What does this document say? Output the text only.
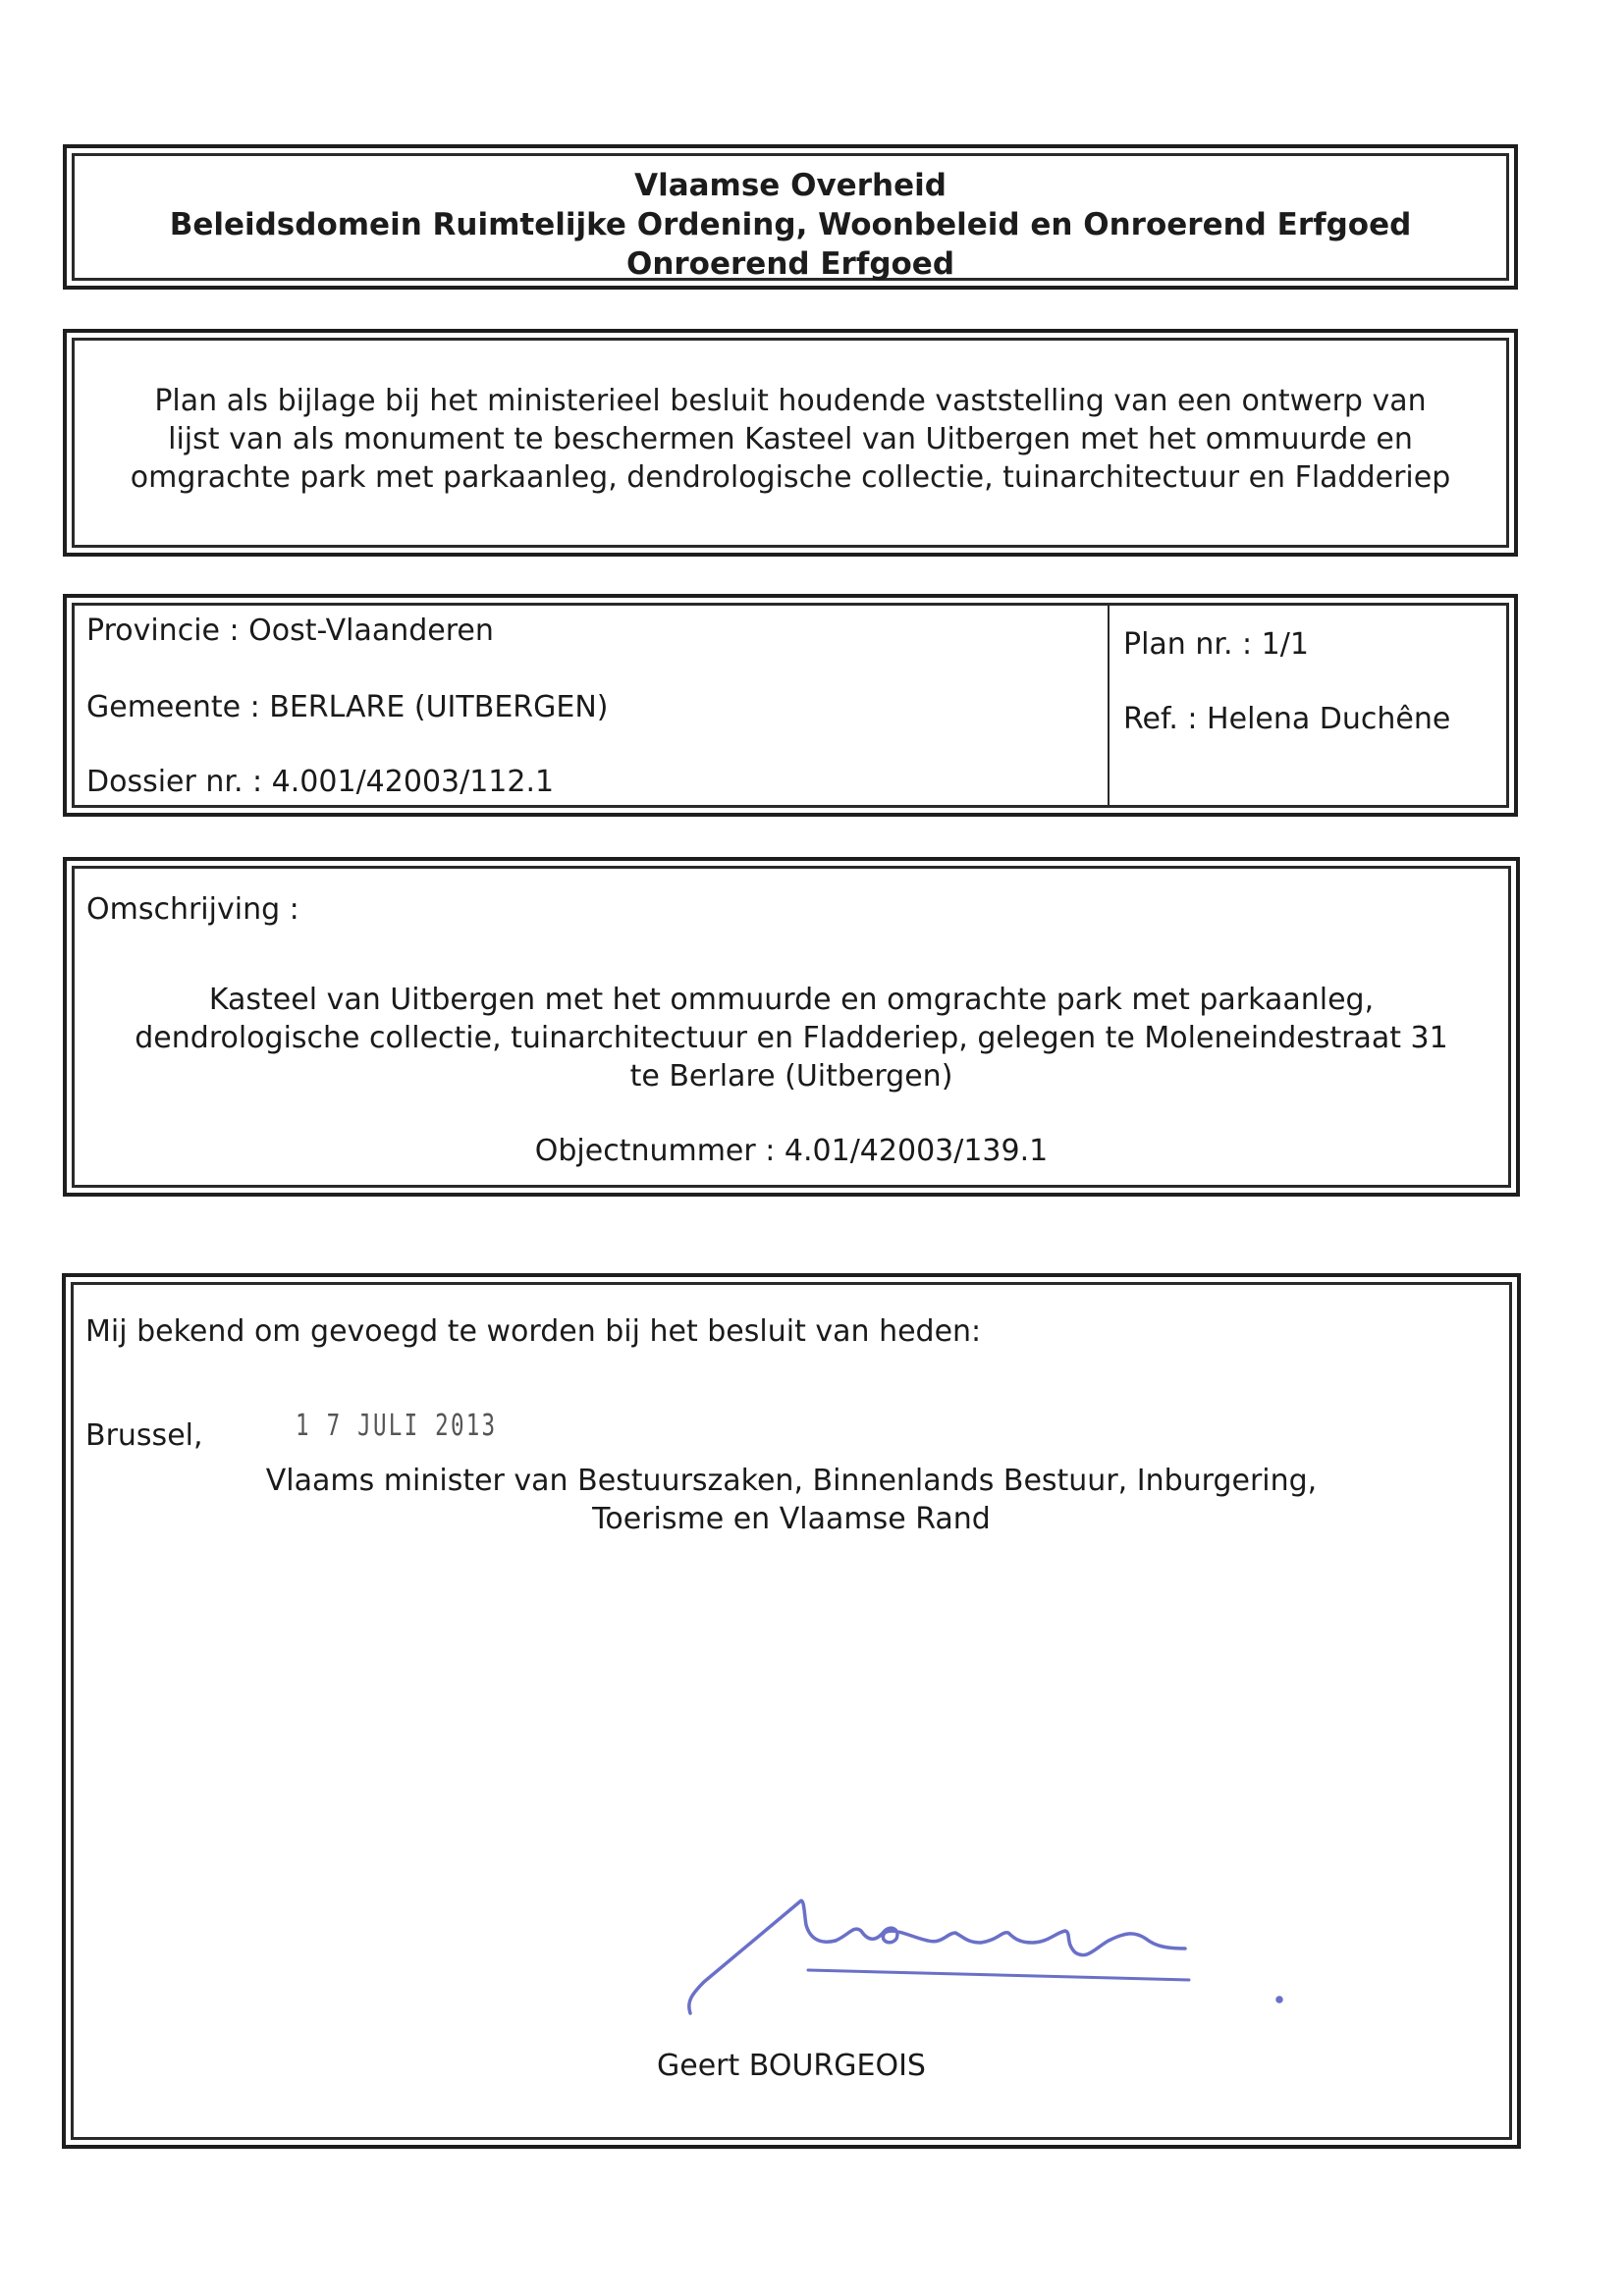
Vlaamse Overheid
Beleidsdomein Ruimtelijke Ordening, Woonbeleid en Onroerend Erfgoed
Onroerend Erfgoed
Plan als bijlage bij het ministerieel besluit houdende vaststelling van een ontwerp van
lijst van als monument te beschermen Kasteel van Uitbergen met het ommuurde en
omgrachte park met parkaanleg, dendrologische collectie, tuinarchitectuur en Fladderiep
Provincie : Oost-Vlaanderen
Gemeente : BERLARE (UITBERGEN)
Dossier nr. : 4.001/42003/112.1
Plan nr. : 1/1
Ref. : Helena Duchêne
Omschrijving :
Kasteel van Uitbergen met het ommuurde en omgrachte park met parkaanleg,
dendrologische collectie, tuinarchitectuur en Fladderiep, gelegen te Moleneindestraat 31
te Berlare (Uitbergen)
Objectnummer : 4.01/42003/139.1
Mij bekend om gevoegd te worden bij het besluit van heden:
Brussel,	1 7 JULI 2013
Vlaams minister van Bestuurszaken, Binnenlands Bestuur, Inburgering,
Toerisme en Vlaamse Rand
Geert BOURGEOIS
